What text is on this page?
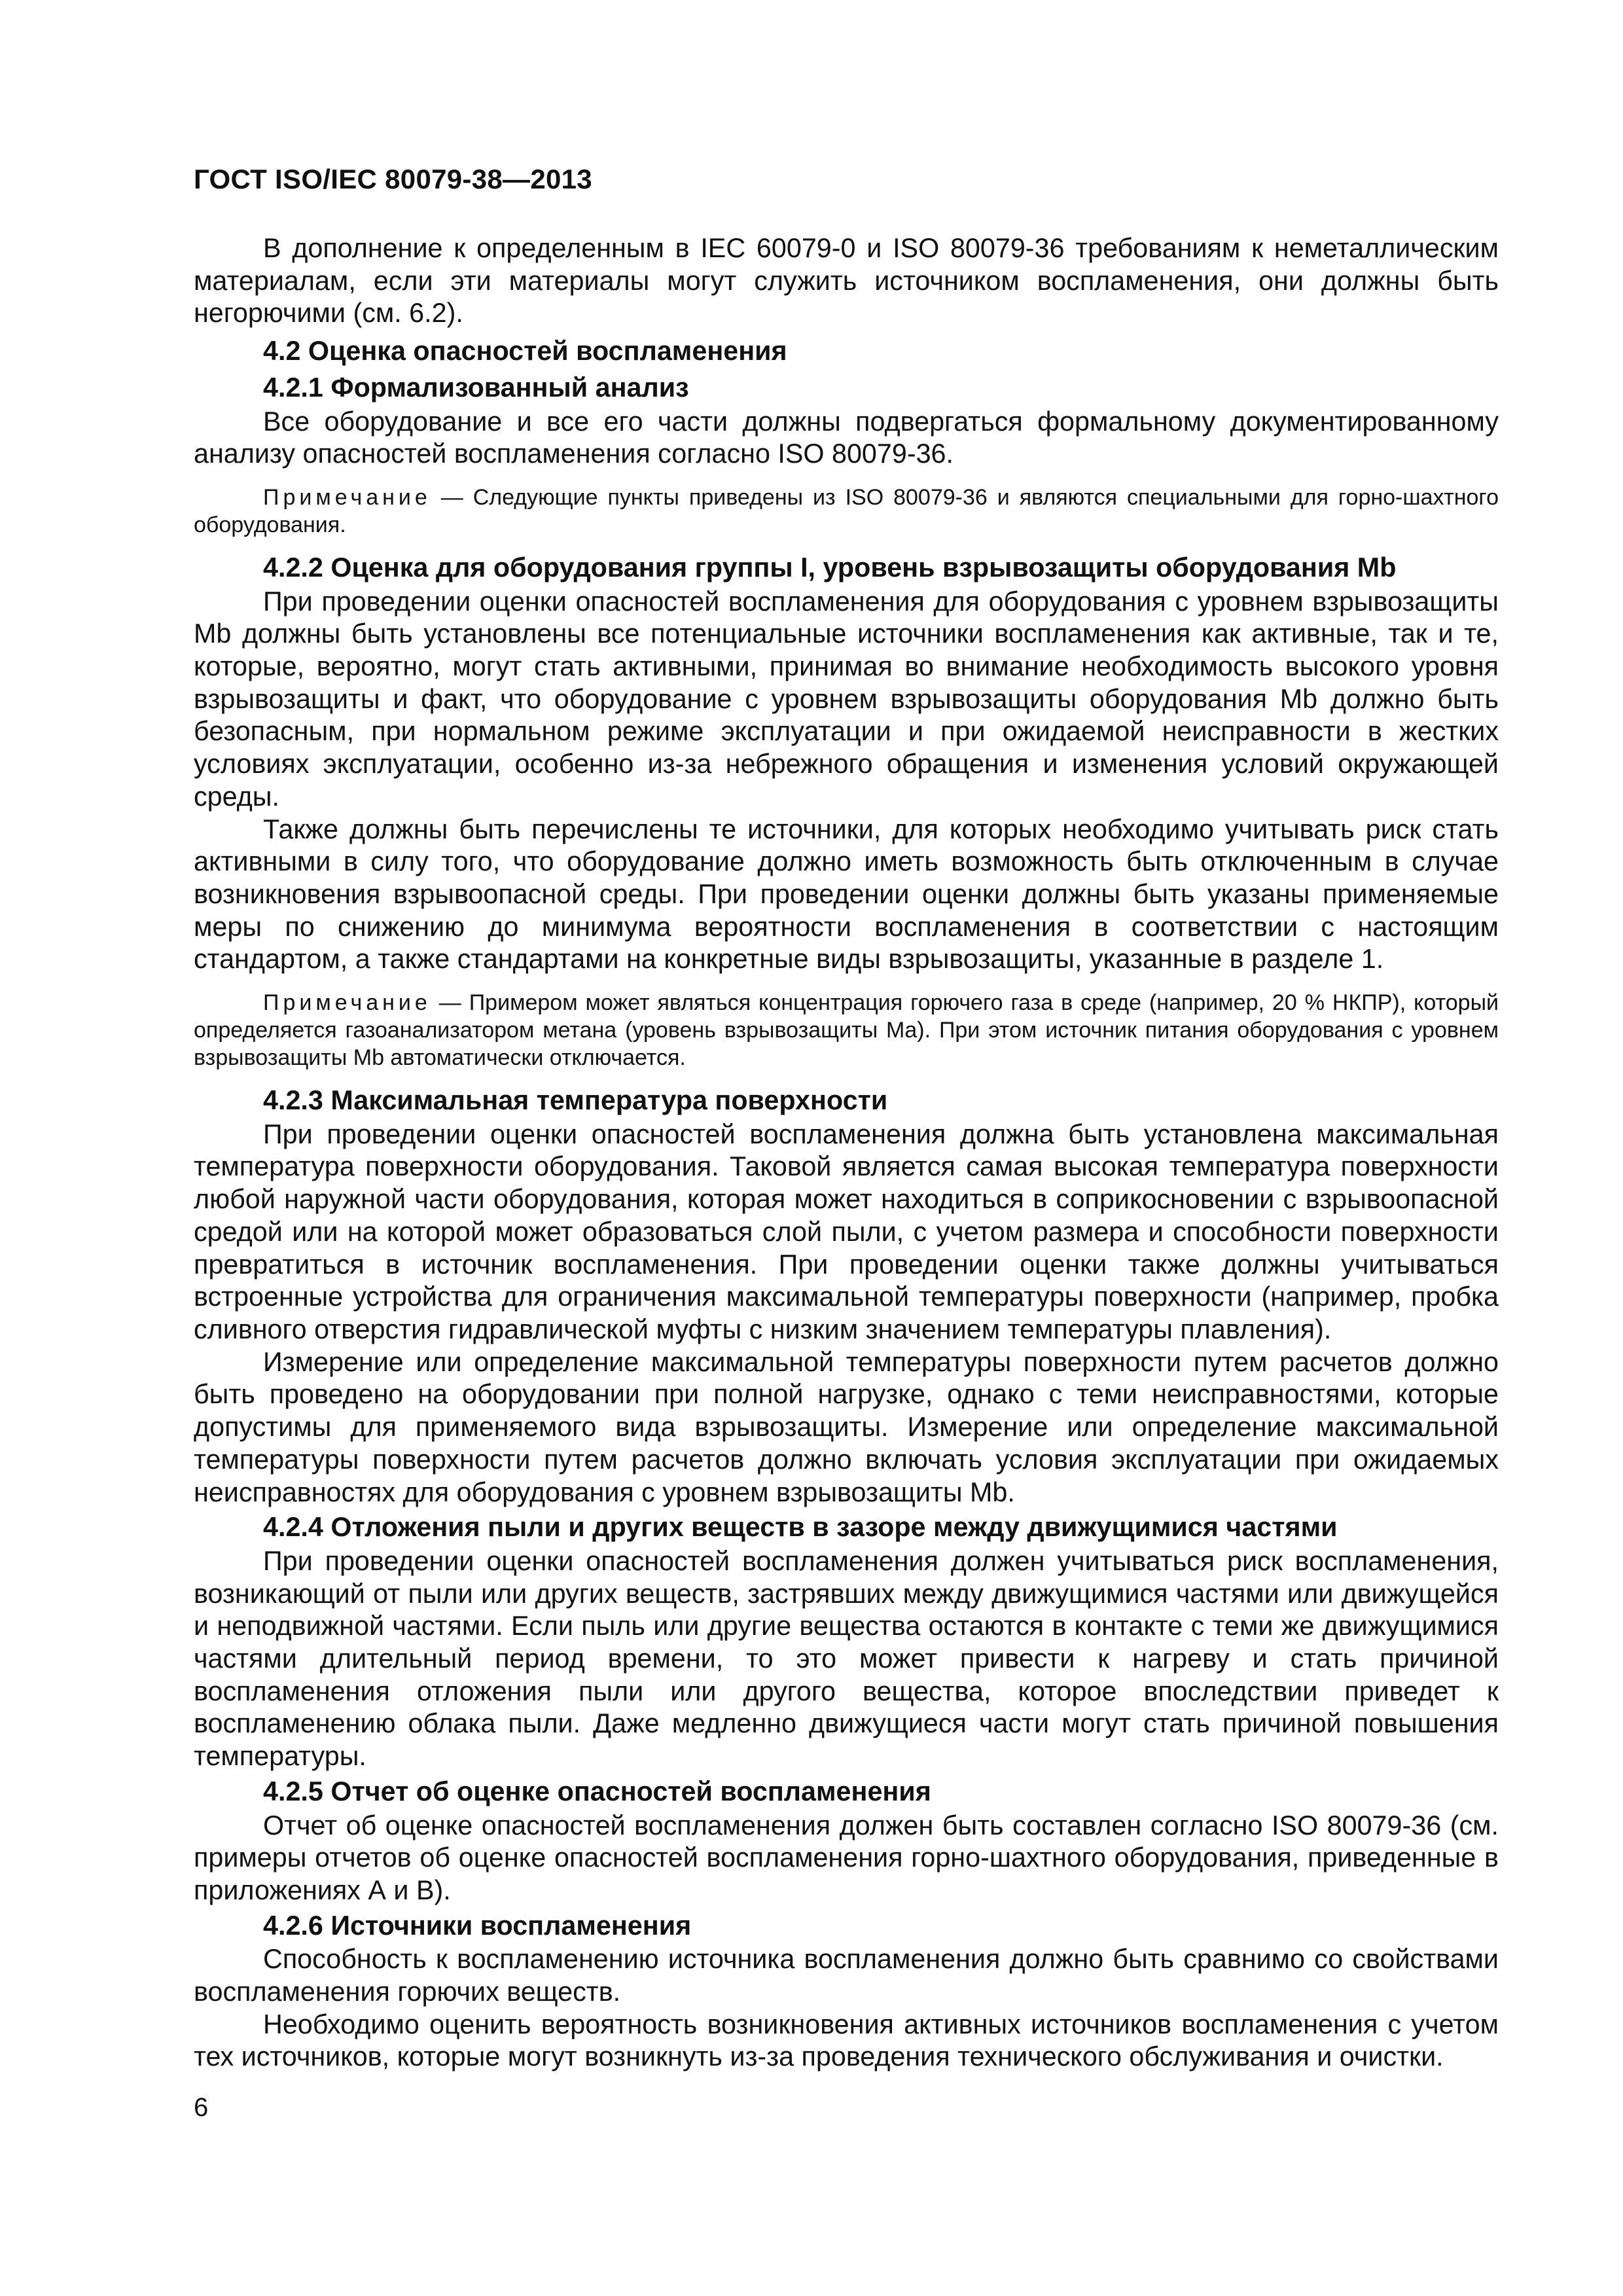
ГОСТ ISO/IEC 80079-38—2013

В дополнение к определенным в IEC 60079-0 и ISO 80079-36 требованиям к неметаллическим материалам, если эти материалы могут служить источником воспламенения, они должны быть негорючими (см. 6.2).

4.2 Оценка опасностей воспламенения
4.2.1 Формализованный анализ

Все оборудование и все его части должны подвергаться формальному документированному анализу опасностей воспламенения согласно ISO 80079-36.

Примечание — Следующие пункты приведены из ISO 80079-36 и являются специальными для горно-шахтного оборудования.

4.2.2 Оценка для оборудования группы I, уровень взрывозащиты оборудования Mb

При проведении оценки опасностей воспламенения для оборудования с уровнем взрывозащиты Mb должны быть установлены все потенциальные источники воспламенения как активные, так и те, которые, вероятно, могут стать активными, принимая во внимание необходимость высокого уровня взрывозащиты и факт, что оборудование с уровнем взрывозащиты оборудования Mb должно быть безопасным, при нормальном режиме эксплуатации и при ожидаемой неисправности в жестких условиях эксплуатации, особенно из-за небрежного обращения и изменения условий окружающей среды.

Также должны быть перечислены те источники, для которых необходимо учитывать риск стать активными в силу того, что оборудование должно иметь возможность быть отключенным в случае возникновения взрывоопасной среды. При проведении оценки должны быть указаны применяемые меры по снижению до минимума вероятности воспламенения в соответствии с настоящим стандартом, а также стандартами на конкретные виды взрывозащиты, указанные в разделе 1.

Примечание — Примером может являться концентрация горючего газа в среде (например, 20 % НКПР), который определяется газоанализатором метана (уровень взрывозащиты Ma). При этом источник питания оборудования с уровнем взрывозащиты Mb автоматически отключается.

4.2.3 Максимальная температура поверхности

При проведении оценки опасностей воспламенения должна быть установлена максимальная температура поверхности оборудования. Таковой является самая высокая температура поверхности любой наружной части оборудования, которая может находиться в соприкосновении с взрывоопасной средой или на которой может образоваться слой пыли, с учетом размера и способности поверхности превратиться в источник воспламенения. При проведении оценки также должны учитываться встроенные устройства для ограничения максимальной температуры поверхности (например, пробка сливного отверстия гидравлической муфты с низким значением температуры плавления).

Измерение или определение максимальной температуры поверхности путем расчетов должно быть проведено на оборудовании при полной нагрузке, однако с теми неисправностями, которые допустимы для применяемого вида взрывозащиты. Измерение или определение максимальной температуры поверхности путем расчетов должно включать условия эксплуатации при ожидаемых неисправностях для оборудования с уровнем взрывозащиты Mb.

4.2.4 Отложения пыли и других веществ в зазоре между движущимися частями

При проведении оценки опасностей воспламенения должен учитываться риск воспламенения, возникающий от пыли или других веществ, застрявших между движущимися частями или движущейся и неподвижной частями. Если пыль или другие вещества остаются в контакте с теми же движущимися частями длительный период времени, то это может привести к нагреву и стать причиной воспламенения отложения пыли или другого вещества, которое впоследствии приведет к воспламенению облака пыли. Даже медленно движущиеся части могут стать причиной повышения температуры.

4.2.5 Отчет об оценке опасностей воспламенения

Отчет об оценке опасностей воспламенения должен быть составлен согласно ISO 80079-36 (см. примеры отчетов об оценке опасностей воспламенения горно-шахтного оборудования, приведенные в приложениях А и В).

4.2.6 Источники воспламенения

Способность к воспламенению источника воспламенения должно быть сравнимо со свойствами воспламенения горючих веществ.

Необходимо оценить вероятность возникновения активных источников воспламенения с учетом тех источников, которые могут возникнуть из-за проведения технического обслуживания и очистки.

6
